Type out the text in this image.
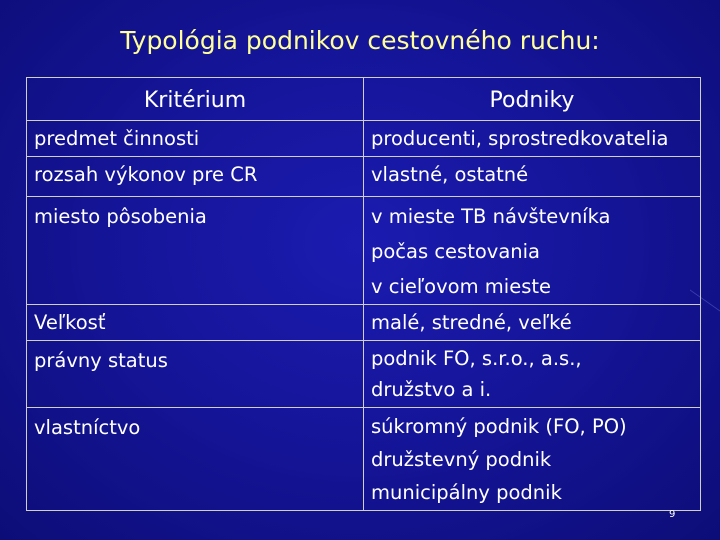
Typológia podnikov cestovného ruchu:
Kritérium	Podniky
predmet činnosti	producenti, sprostredkovatelia

rozsah výkonov pre CR	vlastné, ostatné

miesto pôsobenia	v mieste TB návštevníka
počas cestovania
v cieľovom mieste

Veľkosť	malé, stredné, veľké

právny status	podnik FO, s.r.o., a.s.,
družstvo a i.

vlastníctvo	súkromný podnik (FO, PO)
družstevný podnik
municipálny podnik
9
